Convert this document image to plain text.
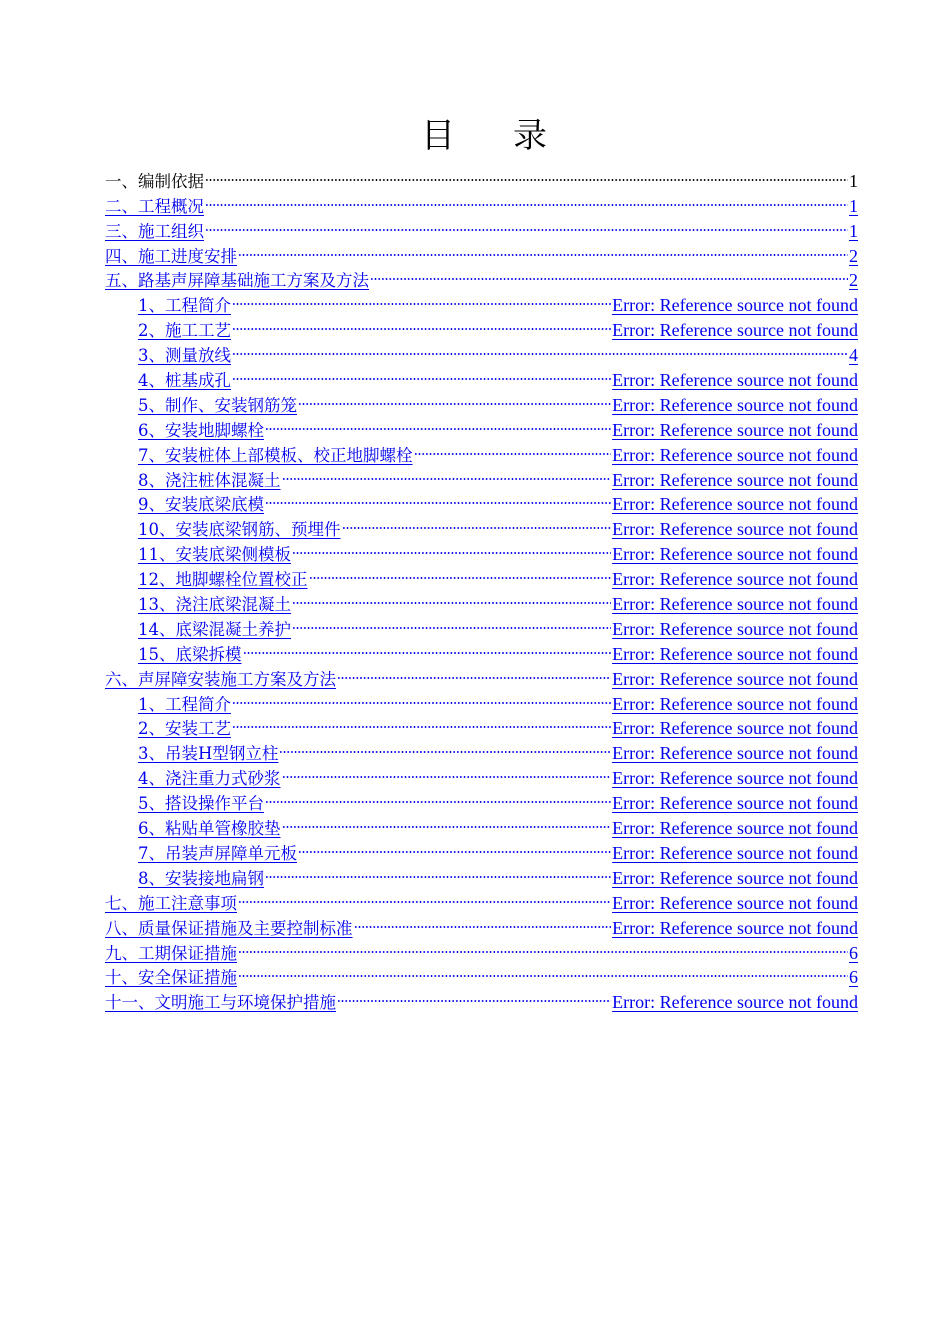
目 录
一、编制依据	1
二、工程概况	1
三、施工组织	1
四、施工进度安排	2
五、路基声屏障基础施工方案及方法	2
1、工程简介	Error: Reference source not found
2、施工工艺	Error: Reference source not found
3、测量放线	4
4、桩基成孔	Error: Reference source not found
5、制作、安装钢筋笼	Error: Reference source not found
6、安装地脚螺栓	Error: Reference source not found
7、安装桩体上部模板、校正地脚螺栓	Error: Reference source not found
8、浇注桩体混凝土	Error: Reference source not found
9、安装底梁底模	Error: Reference source not found
10、安装底梁钢筋、预埋件	Error: Reference source not found
11、安装底梁侧模板	Error: Reference source not found
12、地脚螺栓位置校正	Error: Reference source not found
13、浇注底梁混凝土	Error: Reference source not found
14、底梁混凝土养护	Error: Reference source not found
15、底梁拆模	Error: Reference source not found
六、声屏障安装施工方案及方法	Error: Reference source not found
1、工程简介	Error: Reference source not found
2、安装工艺	Error: Reference source not found
3、吊装H型钢立柱	Error: Reference source not found
4、浇注重力式砂浆	Error: Reference source not found
5、搭设操作平台	Error: Reference source not found
6、粘贴单管橡胶垫	Error: Reference source not found
7、吊装声屏障单元板	Error: Reference source not found
8、安装接地扁钢	Error: Reference source not found
七、施工注意事项	Error: Reference source not found
八、质量保证措施及主要控制标准	Error: Reference source not found
九、工期保证措施	6
十、安全保证措施	6
十一、文明施工与环境保护措施	Error: Reference source not found
